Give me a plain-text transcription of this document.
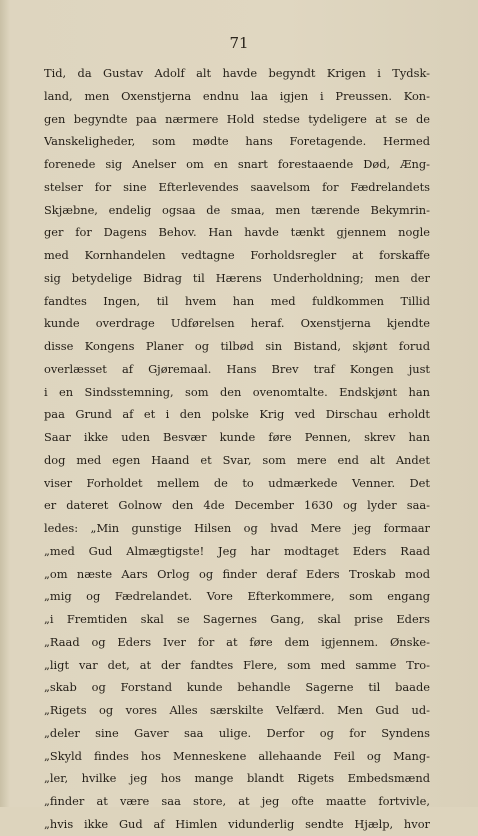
71
Tid, da Gustav Adolf alt havde begyndt Krigen i Tydsk-
land, men Oxenstjerna endnu laa igjen i Preussen. Kon-
gen begyndte paa nærmere Hold stedse tydeligere at se de
Vanskeligheder, som mødte hans Foretagende. Hermed
forenede sig Anelser om en snart forestaaende Død, Æng-
stelser for sine Efterlevendes saavelsom for Fædrelandets
Skjæbne, endelig ogsaa de smaa, men tærende Bekymrin-
ger for Dagens Behov. Han havde tænkt gjennem nogle
med Kornhandelen vedtagne Forholdsregler at forskaffe
sig betydelige Bidrag til Hærens Underholdning; men der
fandtes Ingen, til hvem han med fuldkommen Tillid
kunde overdrage Udførelsen heraf. Oxenstjerna kjendte
disse Kongens Planer og tilbød sin Bistand, skjønt forud
overlæsset af Gjøremaal. Hans Brev traf Kongen just
i en Sindsstemning, som den ovenomtalte. Endskjønt han
paa Grund af et i den polske Krig ved Dirschau erholdt
Saar ikke uden Besvær kunde føre Pennen, skrev han
dog med egen Haand et Svar, som mere end alt Andet
viser Forholdet mellem de to udmærkede Venner. Det
er dateret Golnow den 4de December 1630 og lyder saa-
ledes: „Min gunstige Hilsen og hvad Mere jeg formaar
„med Gud Almægtigste! Jeg har modtaget Eders Raad
„om næste Aars Orlog og finder deraf Eders Troskab mod
„mig og Fædrelandet. Vore Efterkommere, som engang
„i Fremtiden skal se Sagernes Gang, skal prise Eders
„Raad og Eders Iver for at føre dem igjennem. Ønske-
„ligt var det, at der fandtes Flere, som med samme Tro-
„skab og Forstand kunde behandle Sagerne til baade
„Rigets og vores Alles særskilte Velfærd. Men Gud ud-
„deler sine Gaver saa ulige. Derfor og for Syndens
„Skyld findes hos Menneskene allehaande Feil og Mang-
„ler, hvilke jeg hos mange blandt Rigets Embedsmænd
„finder at være saa store, at jeg ofte maatte fortvivle,
„hvis ikke Gud af Himlen vidunderlig sendte Hjælp, hvor
